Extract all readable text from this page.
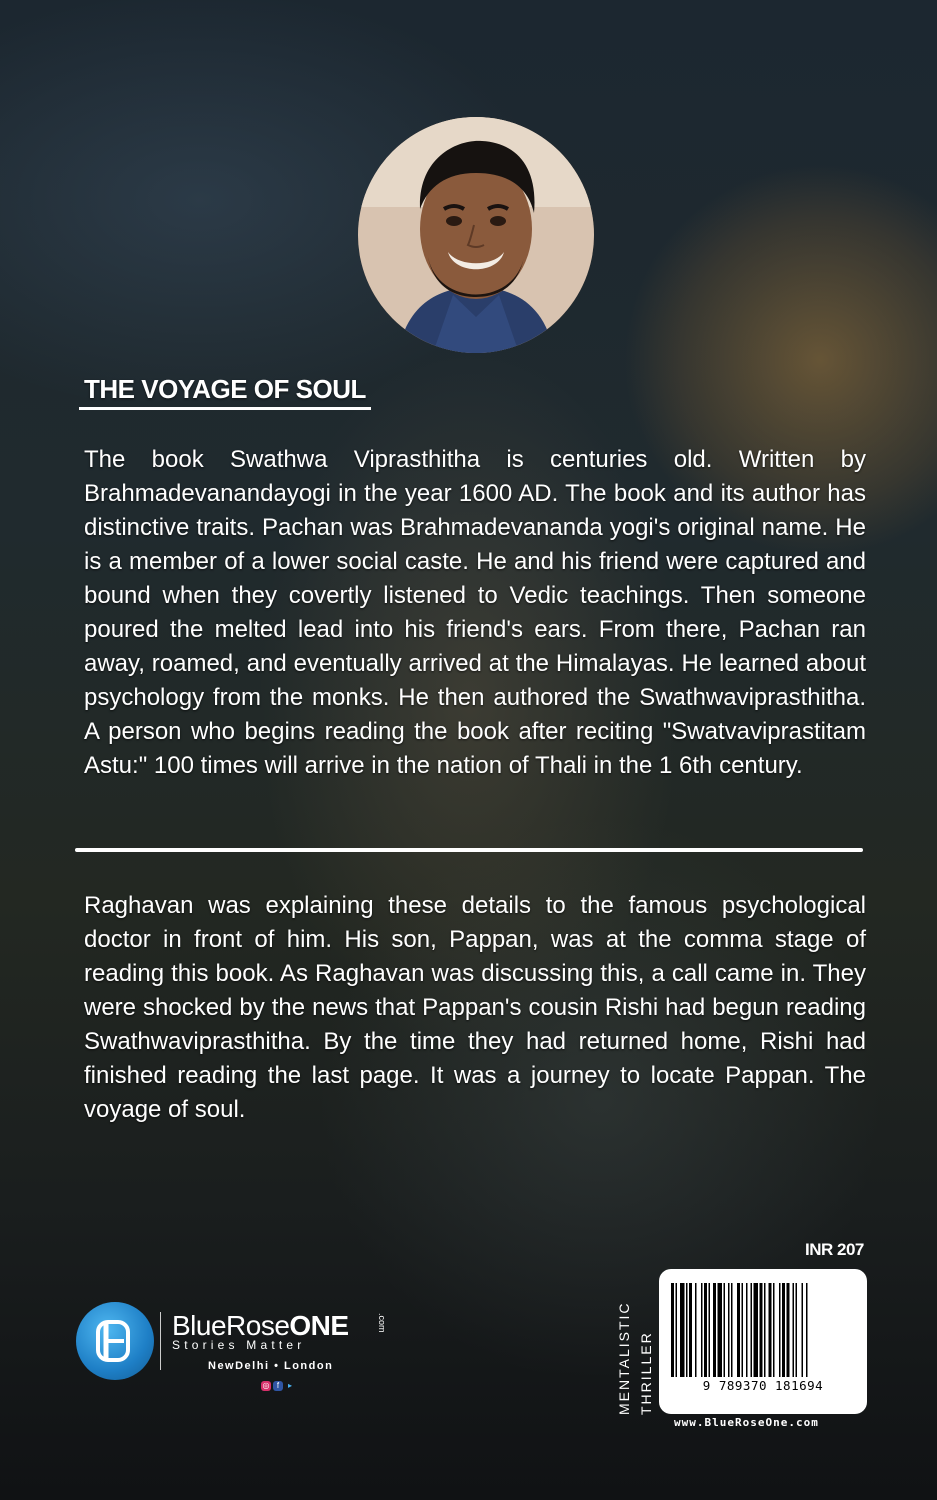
THE VOYAGE OF SOUL
The book Swathwa Viprasthitha is centuries old. Written by Brahmadevanandayogi in the year 1600 AD. The book and its author has distinctive traits. Pachan was Brahmadevananda yogi's original name. He is a member of a lower social caste. He and his friend were captured and bound when they covertly listened to Vedic teachings. Then someone poured the melted lead into his friend's ears. From there, Pachan ran away, roamed, and eventually arrived at the Himalayas. He learned about psychology from the monks. He then authored the Swathwaviprasthitha. A person who begins reading the book after reciting "Swatvaviprastitam Astu:" 100 times will arrive in the nation of Thali in the 1 6th century.
Raghavan was explaining these details to the famous psychological doctor in front of him. His son, Pappan, was at the comma stage of reading this book. As Raghavan was discussing this, a call came in. They were shocked by the news that Pappan's cousin Rishi had begun reading Swathwaviprasthitha. By the time they had returned home, Rishi had finished reading the last page. It was a journey to locate Pappan. The voyage of soul.
BlueRoseONE	.com
Stories Matter
NewDelhi • London
◎ f	▸
INR 207
MENTALISTIC THRILLER	9 789370 181694
www.BlueRoseOne.com
